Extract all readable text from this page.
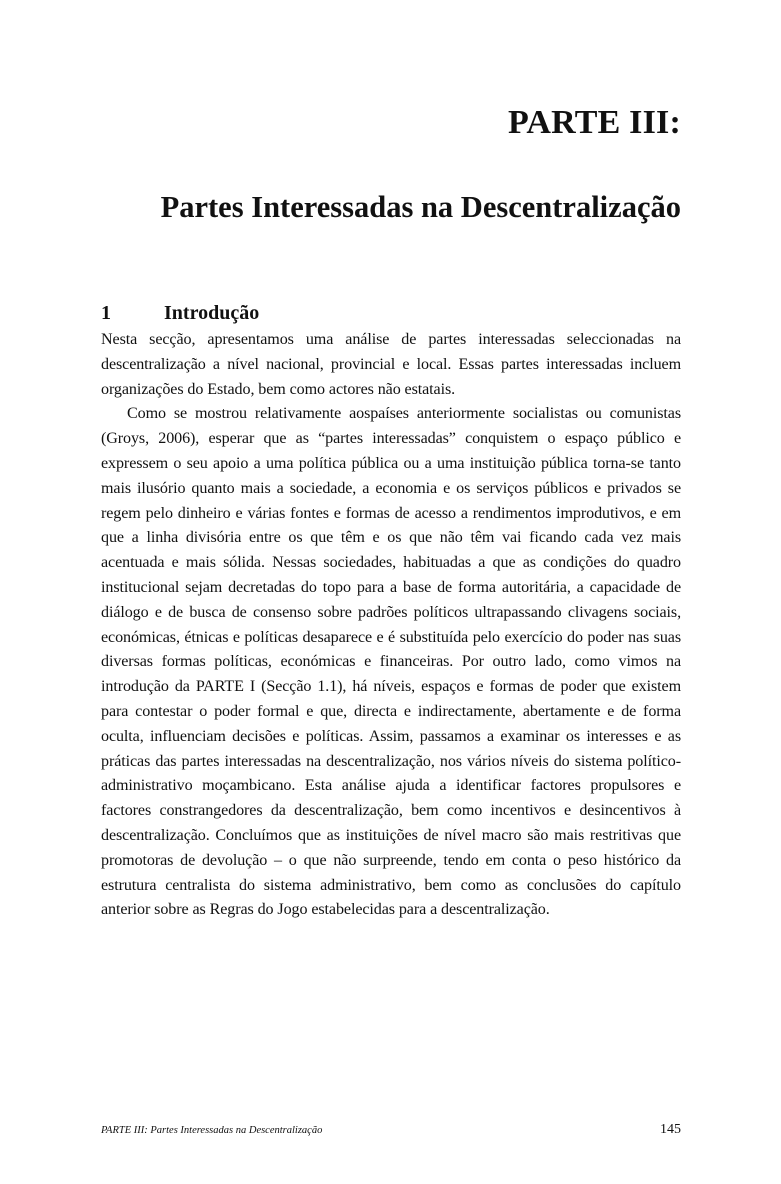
PARTE III:
Partes Interessadas na Descentralização
1	Introdução

Nesta secção, apresentamos uma análise de partes interessadas seleccionadas na descentralização a nível nacional, provincial e local. Essas partes interessadas incluem organizações do Estado, bem como actores não estatais.

Como se mostrou relativamente aospaíses anteriormente socialistas ou comunistas (Groys, 2006), esperar que as “partes interessadas” conquistem o espaço público e expressem o seu apoio a uma política pública ou a uma instituição pública torna-se tanto mais ilusório quanto mais a sociedade, a economia e os serviços públicos e privados se regem pelo dinheiro e várias fontes e formas de acesso a rendimentos improdutivos, e em que a linha divisória entre os que têm e os que não têm vai ficando cada vez mais acentuada e mais sólida. Nessas sociedades, habituadas a que as condições do quadro institucional sejam decretadas do topo para a base de forma autoritária, a capacidade de diálogo e de busca de consenso sobre padrões políticos ultrapassando clivagens sociais, económicas, étnicas e políticas desaparece e é substituída pelo exercício do poder nas suas diversas formas políticas, económicas e financeiras. Por outro lado, como vimos na introdução da PARTE I (Secção 1.1), há níveis, espaços e formas de poder que existem para contestar o poder formal e que, directa e indirectamente, abertamente e de forma oculta, influenciam decisões e políticas. Assim, passamos a examinar os interesses e as práticas das partes interessadas na descentralização, nos vários níveis do sistema político-administrativo moçambicano. Esta análise ajuda a identificar factores propulsores e factores constrangedores da descentralização, bem como incentivos e desincentivos à descentralização. Concluímos que as instituições de nível macro são mais restritivas que promotoras de devolução – o que não surpreende, tendo em conta o peso histórico da estrutura centralista do sistema administrativo, bem como as conclusões do capítulo anterior sobre as Regras do Jogo estabelecidas para a descentralização.

PARTE III: Partes Interessadas na Descentralização	145
